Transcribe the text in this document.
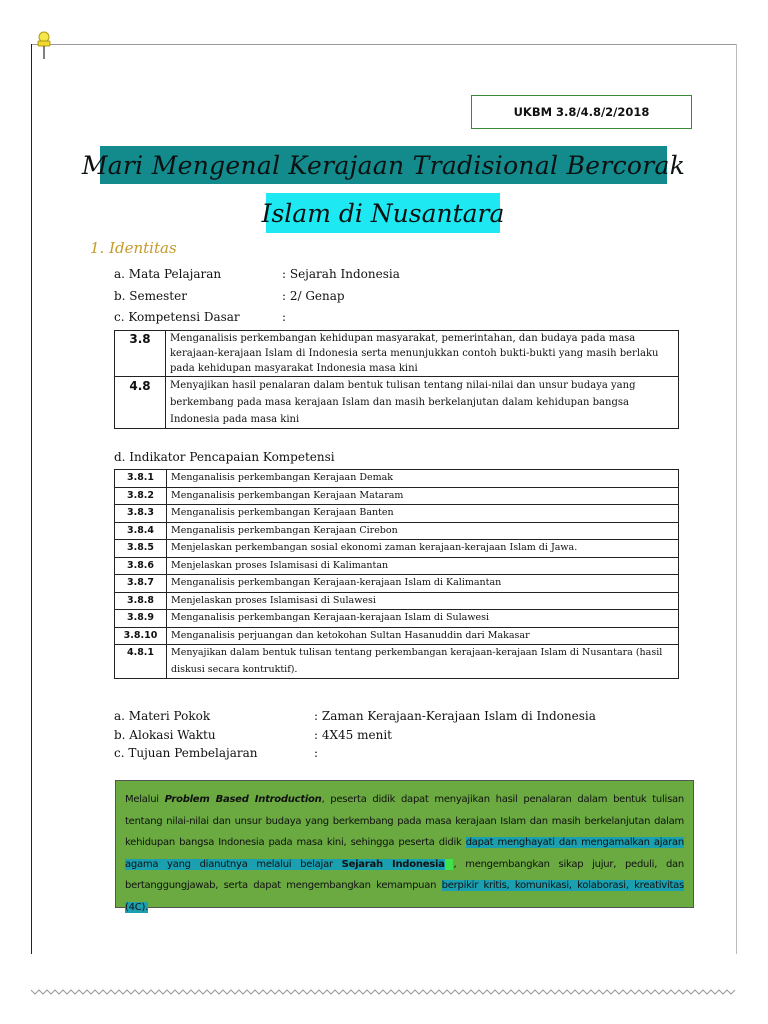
UKBM 3.8/4.8/2/2018
Mari Mengenal Kerajaan Tradisional Bercorak
Islam di Nusantara
1. Identitas
a. Mata Pelajaran	: Sejarah Indonesia
b. Semester	: 2/ Genap
c. Kompetensi Dasar	:
3.8	Menganalisis perkembangan kehidupan masyarakat, pemerintahan, dan budaya pada masa kerajaan-kerajaan Islam di Indonesia serta menunjukkan contoh bukti-bukti yang masih berlaku pada kehidupan masyarakat Indonesia masa kini
4.8	Menyajikan hasil penalaran dalam bentuk tulisan tentang nilai-nilai dan unsur budaya yang berkembang pada masa kerajaan Islam dan masih berkelanjutan dalam kehidupan bangsa Indonesia pada masa kini
d. Indikator Pencapaian Kompetensi
3.8.1	Menganalisis perkembangan Kerajaan Demak
3.8.2	Menganalisis perkembangan Kerajaan Mataram
3.8.3	Menganalisis perkembangan Kerajaan Banten
3.8.4	Menganalisis perkembangan Kerajaan Cirebon
3.8.5	Menjelaskan perkembangan sosial ekonomi zaman kerajaan-kerajaan Islam di Jawa.
3.8.6	Menjelaskan proses Islamisasi di Kalimantan
3.8.7	Menganalisis perkembangan Kerajaan-kerajaan Islam di Kalimantan
3.8.8	Menjelaskan proses Islamisasi di Sulawesi
3.8.9	Menganalisis perkembangan Kerajaan-kerajaan Islam di Sulawesi
3.8.10	Menganalisis perjuangan dan ketokohan Sultan Hasanuddin dari Makasar
4.8.1	Menyajikan dalam bentuk tulisan tentang perkembangan kerajaan-kerajaan Islam di Nusantara (hasil diskusi secara kontruktif).
a. Materi Pokok	: Zaman Kerajaan-Kerajaan Islam di Indonesia
b. Alokasi Waktu	: 4X45 menit
c. Tujuan Pembelajaran	:
Melalui Problem Based Introduction, peserta didik dapat menyajikan hasil penalaran dalam bentuk tulisan tentang nilai-nilai dan unsur budaya yang berkembang pada masa kerajaan Islam dan masih berkelanjutan dalam kehidupan bangsa Indonesia pada masa kini, sehingga peserta didik dapat menghayati dan mengamalkan ajaran agama yang dianutnya melalui belajar Sejarah Indonesia , mengembangkan sikap jujur, peduli, dan bertanggungjawab, serta dapat mengembangkan kemampuan berpikir kritis, komunikasi, kolaborasi, kreativitas (4C).
